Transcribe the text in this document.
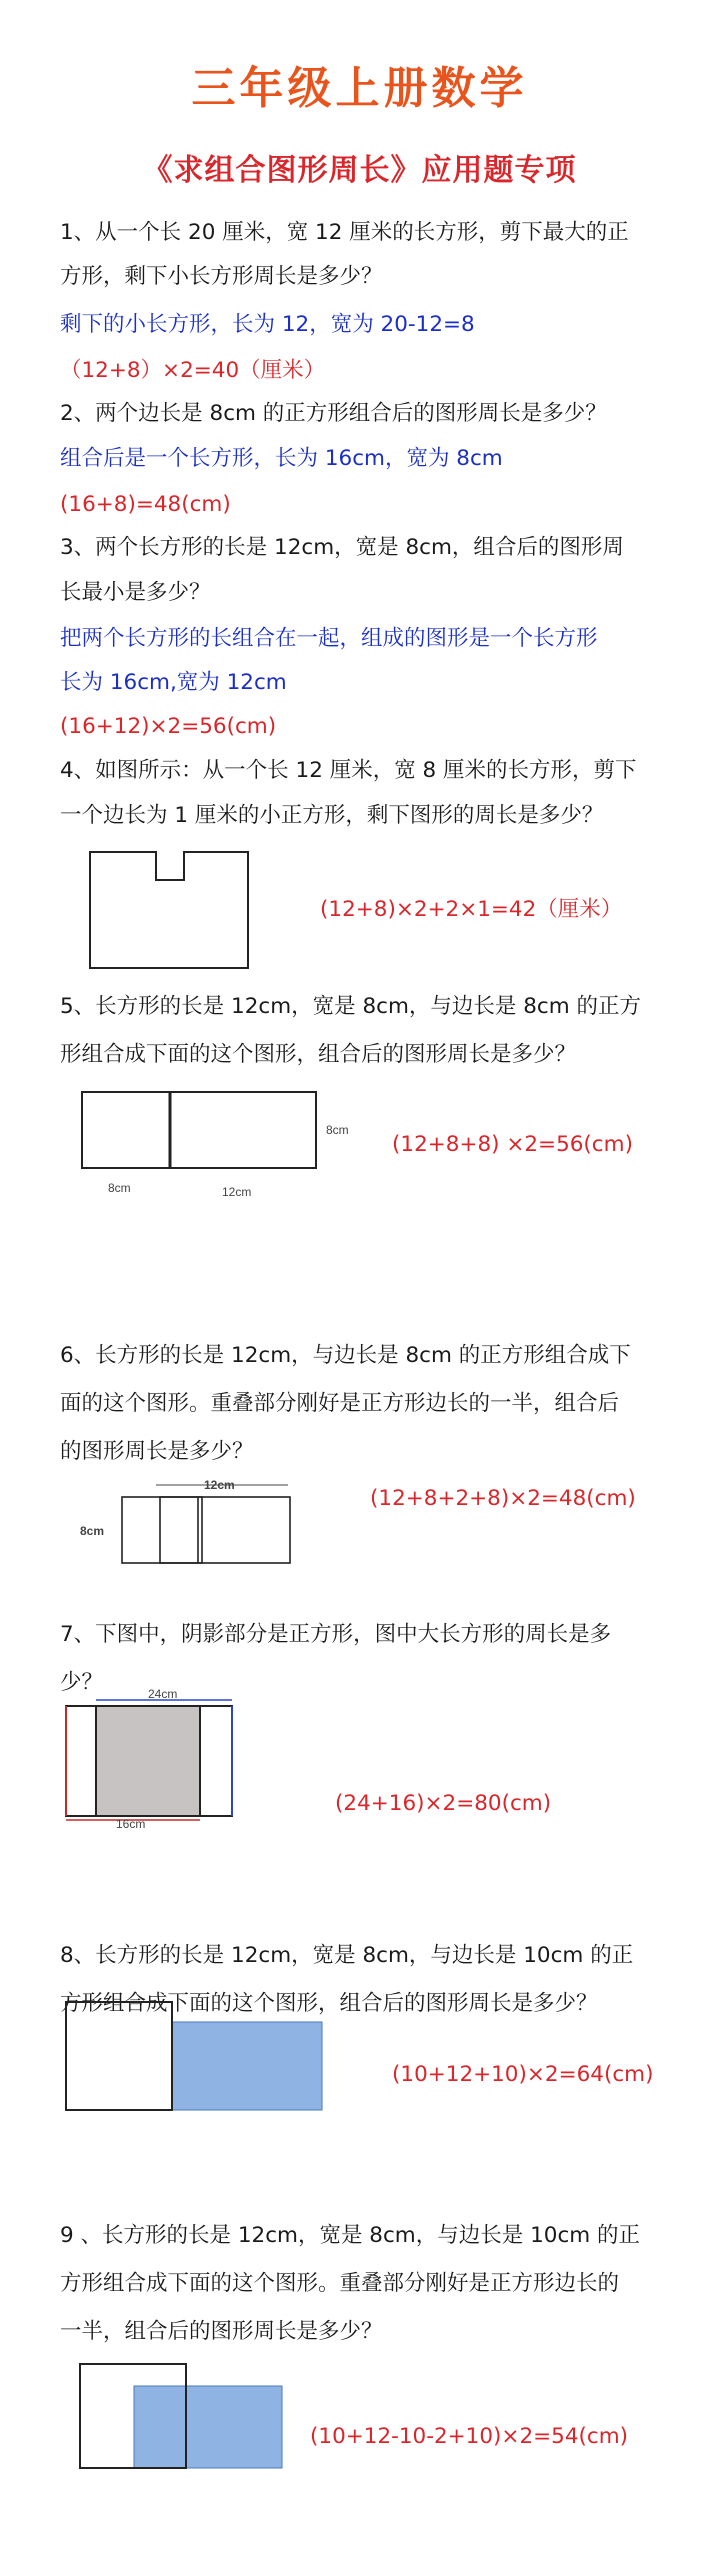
三年级上册数学
《求组合图形周长》应用题专项
1、从一个长 20 厘米，宽 12 厘米的长方形，剪下最大的正
方形，剩下小长方形周长是多少？
剩下的小长方形，长为 12，宽为 20-12=8
（12+8）×2=40（厘米）
2、两个边长是 8cm 的正方形组合后的图形周长是多少？
组合后是一个长方形，长为 16cm，宽为 8cm
(16+8)=48(cm)
3、两个长方形的长是 12cm，宽是 8cm，组合后的图形周
长最小是多少？
把两个长方形的长组合在一起，组成的图形是一个长方形
长为 16cm,宽为 12cm
(16+12)×2=56(cm)
4、如图所示：从一个长 12 厘米，宽 8 厘米的长方形，剪下
一个边长为 1 厘米的小正方形，剩下图形的周长是多少？
(12+8)×2+2×1=42（厘米）
5、长方形的长是 12cm，宽是 8cm，与边长是 8cm 的正方
形组合成下面的这个图形，组合后的图形周长是多少？
8cm
8cm	12cm
(12+8+8) ×2=56(cm)
6、长方形的长是 12cm，与边长是 8cm 的正方形组合成下
面的这个图形。重叠部分刚好是正方形边长的一半，组合后
的图形周长是多少？
12cm
8cm
(12+8+2+8)×2=48(cm)
7、下图中，阴影部分是正方形，图中大长方形的周长是多
少？	24cm
16cm
(24+16)×2=80(cm)
8、长方形的长是 12cm，宽是 8cm，与边长是 10cm 的正
方形组合成下面的这个图形，组合后的图形周长是多少？
(10+12+10)×2=64(cm)
9 、长方形的长是 12cm，宽是 8cm，与边长是 10cm 的正
方形组合成下面的这个图形。重叠部分刚好是正方形边长的
一半，组合后的图形周长是多少？
(10+12-10-2+10)×2=54(cm)
